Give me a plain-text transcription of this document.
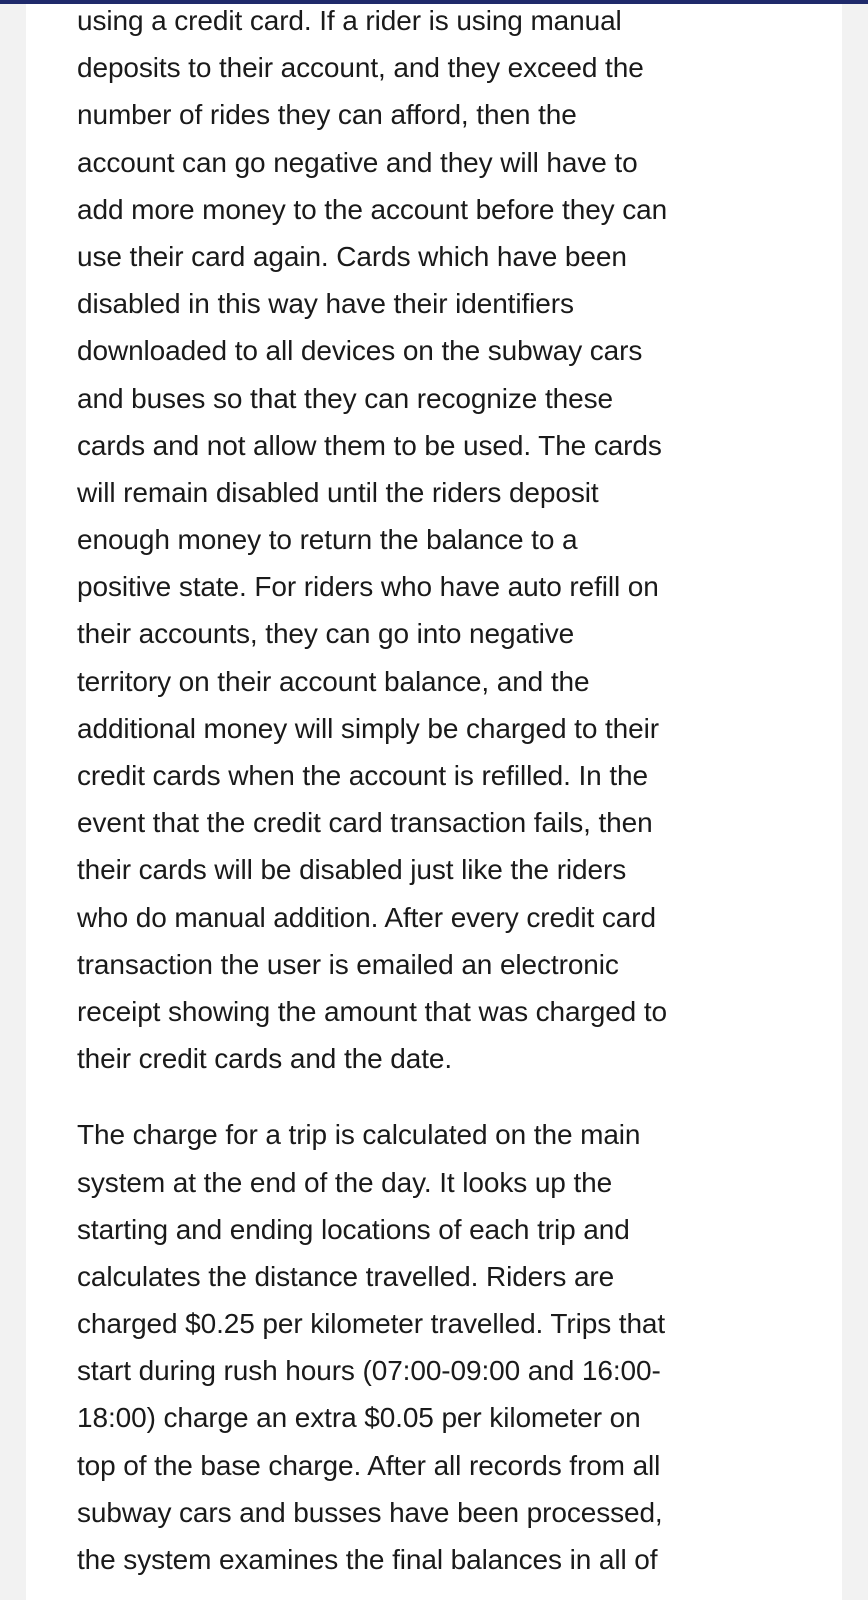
using a credit card. If a rider is using manual
deposits to their account, and they exceed the
number of rides they can afford, then the
account can go negative and they will have to
add more money to the account before they can
use their card again. Cards which have been
disabled in this way have their identifiers
downloaded to all devices on the subway cars
and buses so that they can recognize these
cards and not allow them to be used. The cards
will remain disabled until the riders deposit
enough money to return the balance to a
positive state. For riders who have auto refill on
their accounts, they can go into negative
territory on their account balance, and the
additional money will simply be charged to their
credit cards when the account is refilled. In the
event that the credit card transaction fails, then
their cards will be disabled just like the riders
who do manual addition. After every credit card
transaction the user is emailed an electronic
receipt showing the amount that was charged to
their credit cards and the date.

The charge for a trip is calculated on the main
system at the end of the day. It looks up the
starting and ending locations of each trip and
calculates the distance travelled. Riders are
charged $0.25 per kilometer travelled. Trips that
start during rush hours (07:00-09:00 and 16:00-
18:00) charge an extra $0.05 per kilometer on
top of the base charge. After all records from all
subway cars and busses have been processed,
the system examines the final balances in all of
